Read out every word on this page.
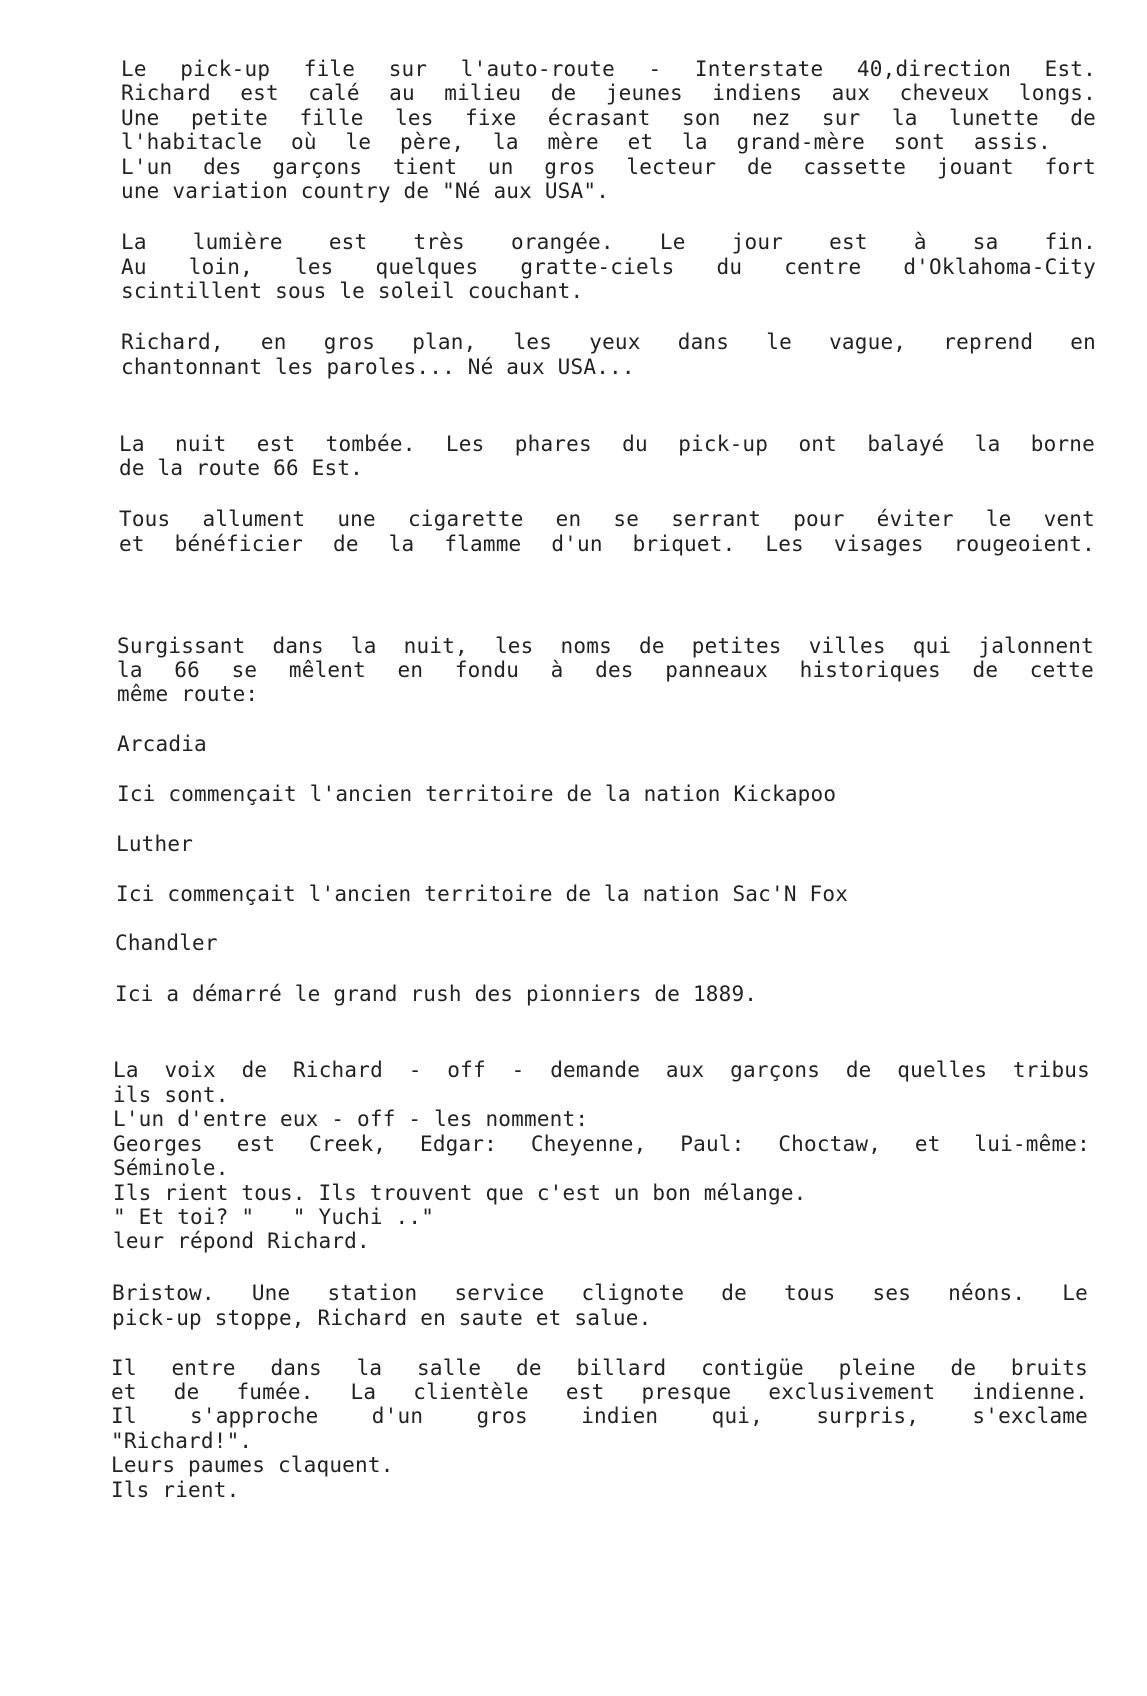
Le pick-up file sur l'auto-route - Interstate 40,direction Est.

Richard est calé au milieu de jeunes indiens aux cheveux longs.

Une petite fille les fixe écrasant son nez sur la lunette de

l'habitacle où le père, la mère et la grand-mère sont assis.

L'un des garçons tient un gros lecteur de cassette jouant fort

une variation country de "Né aux USA".

La lumière est très orangée. Le jour est à sa fin.

Au loin, les quelques gratte-ciels du centre d'Oklahoma-City

scintillent sous le soleil couchant.

Richard, en gros plan, les yeux dans le vague, reprend en

chantonnant les paroles... Né aux USA...

La nuit est tombée. Les phares du pick-up ont balayé la borne

de la route 66 Est.

Tous allument une cigarette en se serrant pour éviter le vent

et bénéficier de la flamme d'un briquet. Les visages rougeoient.

Surgissant dans la nuit, les noms de petites villes qui jalonnent

la 66 se mêlent en fondu à des panneaux historiques de cette

même route:

Arcadia

Ici commençait l'ancien territoire de la nation Kickapoo

Luther

Ici commençait l'ancien territoire de la nation Sac'N Fox

Chandler

Ici a démarré le grand rush des pionniers de 1889.

La voix de Richard - off - demande aux garçons de quelles tribus

ils sont.

L'un d'entre eux - off - les nomment:

Georges est Creek, Edgar: Cheyenne, Paul: Choctaw, et lui-même:

Séminole.

Ils rient tous. Ils trouvent que c'est un bon mélange.

" Et toi? "   " Yuchi .."

leur répond Richard.

Bristow. Une station service clignote de tous ses néons. Le

pick-up stoppe, Richard en saute et salue.

Il entre dans la salle de billard contigüe pleine de bruits

et de fumée. La clientèle est presque exclusivement indienne.

Il s'approche d'un gros indien qui, surpris, s'exclame

"Richard!".

Leurs paumes claquent.

Ils rient.
